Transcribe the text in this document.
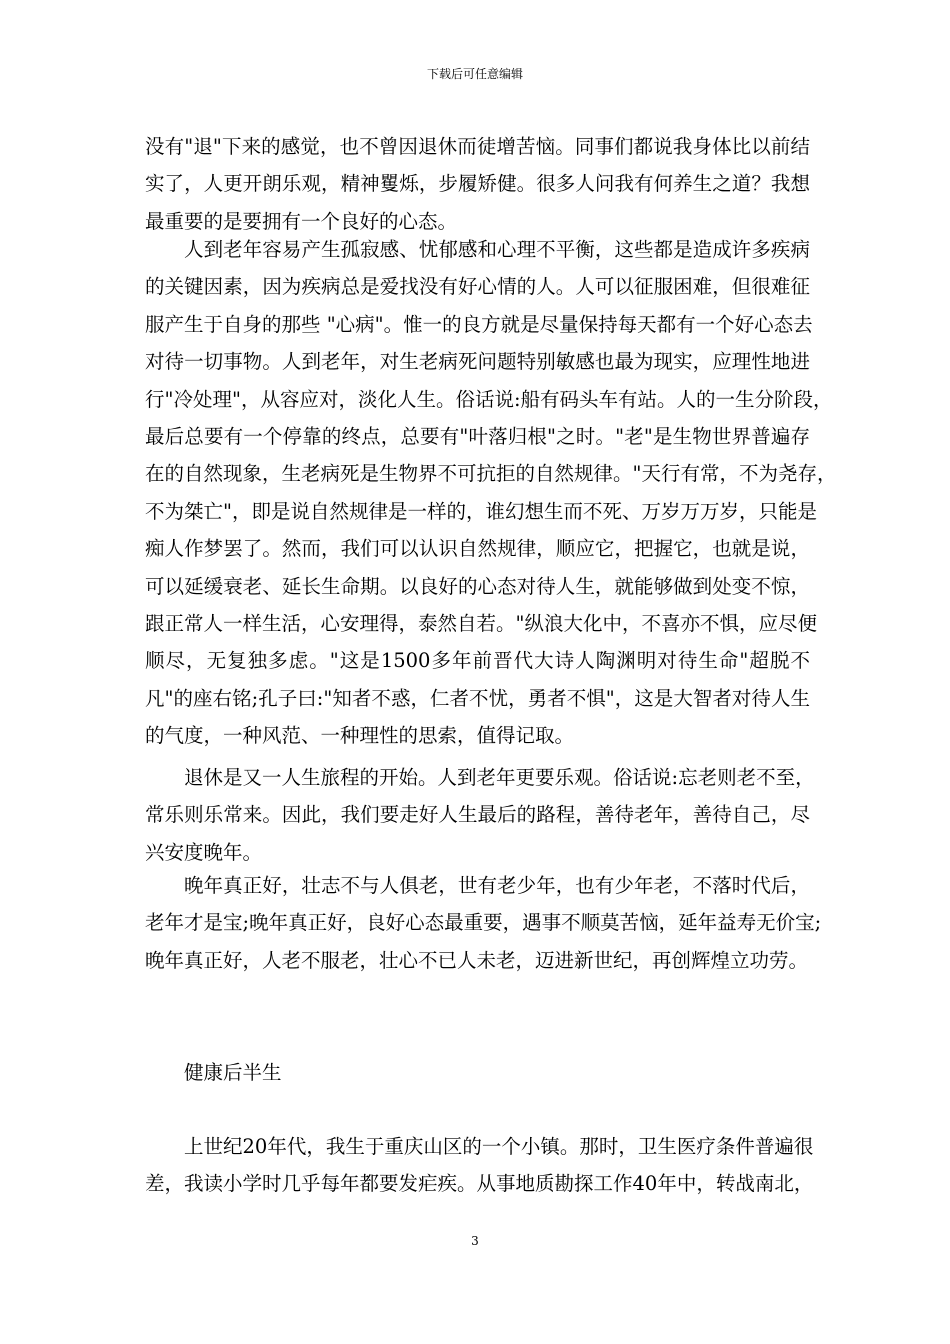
下载后可任意编辑
没有"退"下来的感觉，也不曾因退休而徒增苦恼。同事们都说我身体比以前结
实了，人更开朗乐观，精神矍烁，步履矫健。很多人问我有何养生之道？我想
最重要的是要拥有一个良好的心态。
人到老年容易产生孤寂感、忧郁感和心理不平衡，这些都是造成许多疾病
的关键因素，因为疾病总是爱找没有好心情的人。人可以征服困难，但很难征
服产生于自身的那些 "心病"。惟一的良方就是尽量保持每天都有一个好心态去
对待一切事物。人到老年，对生老病死问题特别敏感也最为现实，应理性地进
行"冷处理"，从容应对，淡化人生。俗话说:船有码头车有站。人的一生分阶段，
最后总要有一个停靠的终点，总要有"叶落归根"之时。"老"是生物世界普遍存
在的自然现象，生老病死是生物界不可抗拒的自然规律。"天行有常，不为尧存，
不为桀亡"，即是说自然规律是一样的，谁幻想生而不死、万岁万万岁，只能是
痴人作梦罢了。然而，我们可以认识自然规律，顺应它，把握它，也就是说，
可以延缓衰老、延长生命期。以良好的心态对待人生，就能够做到处变不惊，
跟正常人一样生活，心安理得，泰然自若。"纵浪大化中，不喜亦不惧，应尽便
顺尽，无复独多虑。"这是1500多年前晋代大诗人陶渊明对待生命"超脱不
凡"的座右铭;孔子曰:"知者不惑，仁者不忧，勇者不惧"，这是大智者对待人生
的气度，一种风范、一种理性的思索，值得记取。
退休是又一人生旅程的开始。人到老年更要乐观。俗话说:忘老则老不至，
常乐则乐常来。因此，我们要走好人生最后的路程，善待老年，善待自己，尽
兴安度晚年。
晚年真正好，壮志不与人俱老，世有老少年，也有少年老，不落时代后，
老年才是宝;晚年真正好，良好心态最重要，遇事不顺莫苦恼，延年益寿无价宝;
晚年真正好，人老不服老，壮心不已人未老，迈进新世纪，再创辉煌立功劳。
健康后半生
上世纪20年代，我生于重庆山区的一个小镇。那时，卫生医疗条件普遍很
差，我读小学时几乎每年都要发疟疾。从事地质勘探工作40年中，转战南北，
3
